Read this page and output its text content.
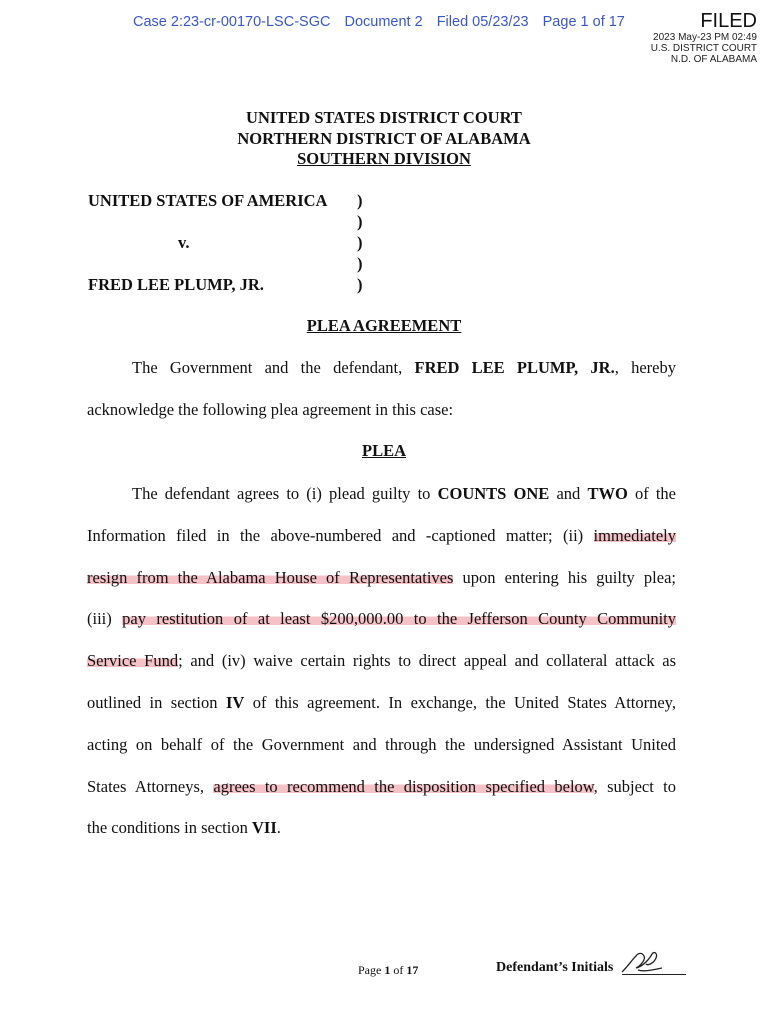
Case 2:23-cr-00170-LSC-SGC Document 2 Filed 05/23/23 Page 1 of 17	FILED
2023 May-23 PM 02:49
U.S. DISTRICT COURT
N.D. OF ALABAMA
UNITED STATES DISTRICT COURT
NORTHERN DISTRICT OF ALABAMA
SOUTHERN DIVISION
UNITED STATES OF AMERICA )
)
v.	)
)
FRED LEE PLUMP, JR.	)
PLEA AGREEMENT
The Government and the defendant, FRED LEE PLUMP, JR., hereby
acknowledge the following plea agreement in this case:
PLEA
The defendant agrees to (i) plead guilty to COUNTS ONE and TWO of the
Information filed in the above-numbered and -captioned matter; (ii) immediately
resign from the Alabama House of Representatives upon entering his guilty plea;
(iii) pay restitution of at least $200,000.00 to the Jefferson County Community
Service Fund; and (iv) waive certain rights to direct appeal and collateral attack as
outlined in section IV of this agreement. In exchange, the United States Attorney,
acting on behalf of the Government and through the undersigned Assistant United
States Attorneys, agrees to recommend the disposition specified below, subject to
the conditions in section VII.
Page 1 of 17	Defendant’s Initials
